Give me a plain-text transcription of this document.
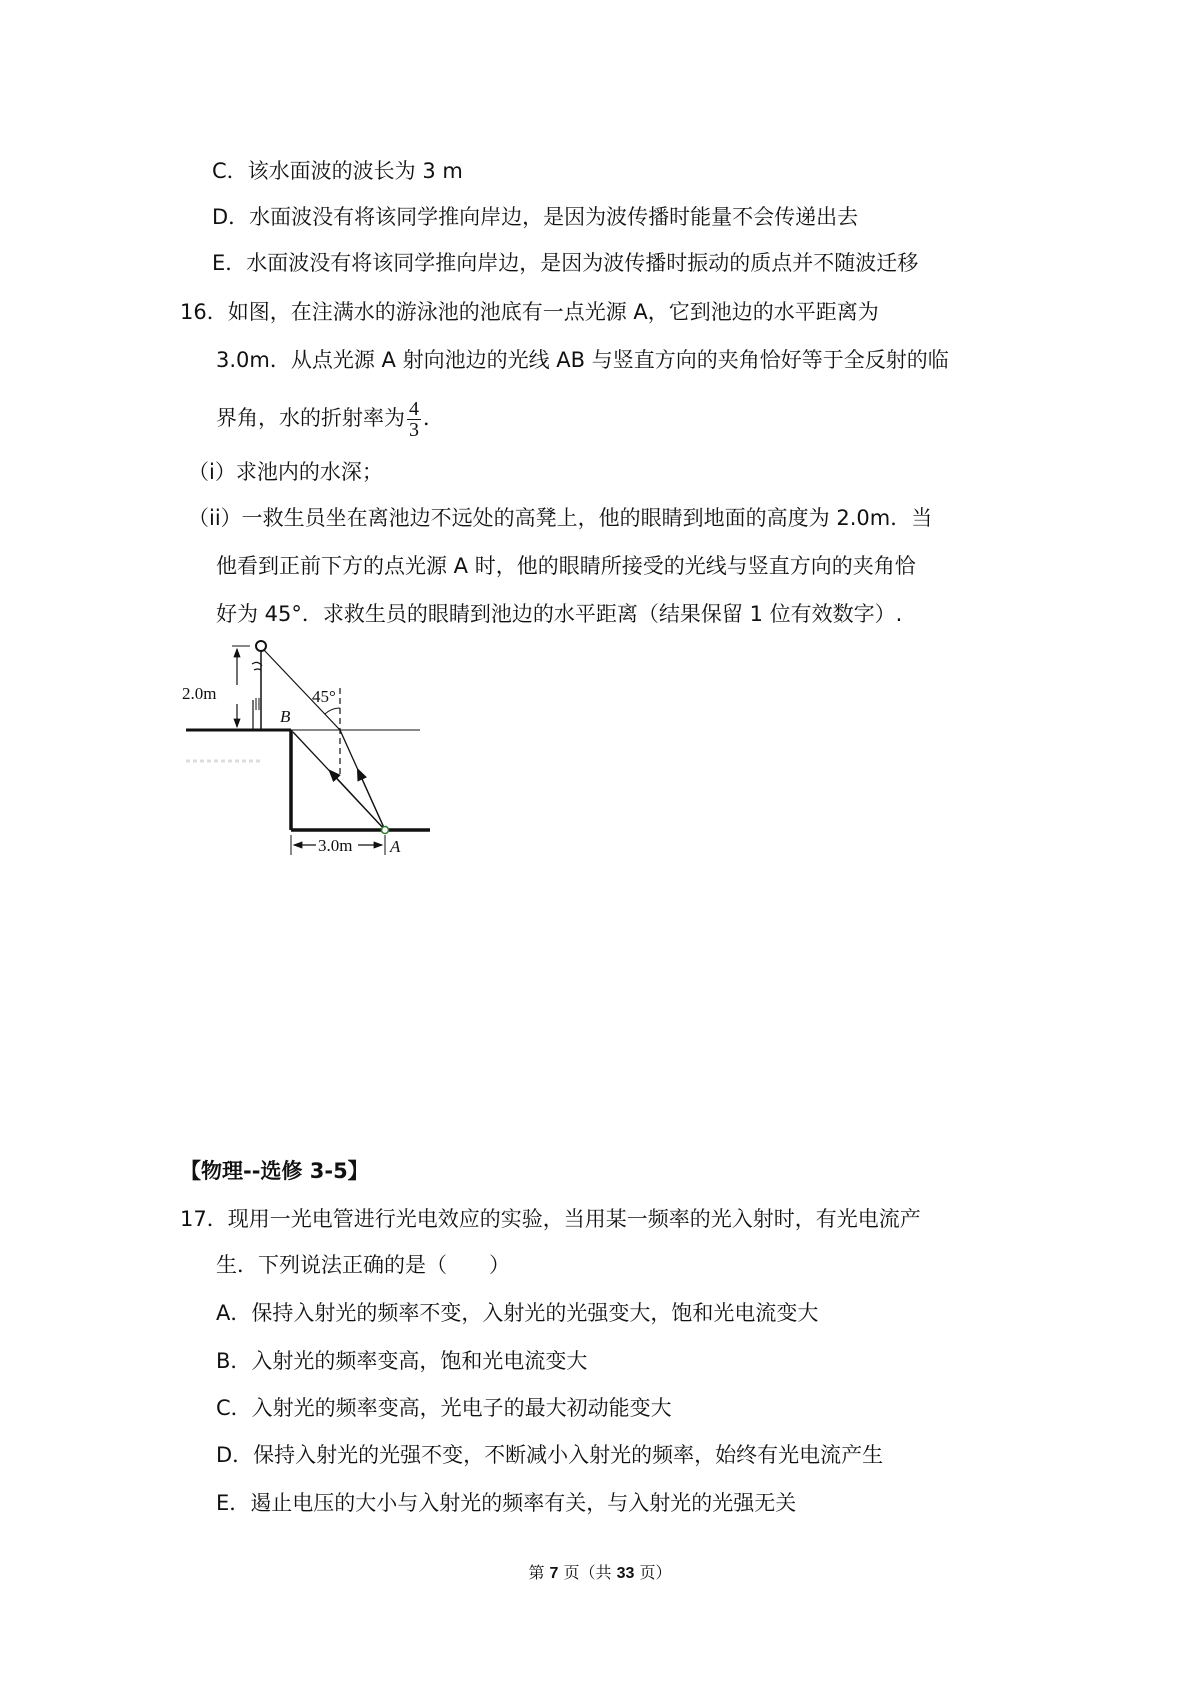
C．该水面波的波长为 3 m
D．水面波没有将该同学推向岸边，是因为波传播时能量不会传递出去
E．水面波没有将该同学推向岸边，是因为波传播时振动的质点并不随波迁移
16．如图，在注满水的游泳池的池底有一点光源 A，它到池边的水平距离为
3.0m．从点光源 A 射向池边的光线 AB 与竖直方向的夹角恰好等于全反射的临
界角，水的折射率为 $\frac{4}{3}$ ．
（i）求池内的水深；
（ii）一救生员坐在离池边不远处的高凳上，他的眼睛到地面的高度为 2.0m．当
他看到正前下方的点光源 A 时，他的眼睛所接受的光线与竖直方向的夹角恰
好为 45°．求救生员的眼睛到池边的水平距离（结果保留 1 位有效数字）.
2.0m	45°
B
A
3.0m
【物理--选修 3-5】
17．现用一光电管进行光电效应的实验，当用某一频率的光入射时，有光电流产
生．下列说法正确的是（　　）
A．保持入射光的频率不变，入射光的光强变大，饱和光电流变大
B．入射光的频率变高，饱和光电流变大
C．入射光的频率变高，光电子的最大初动能变大
D．保持入射光的光强不变，不断减小入射光的频率，始终有光电流产生
E．遏止电压的大小与入射光的频率有关，与入射光的光强无关
第 7 页（共 33 页）
